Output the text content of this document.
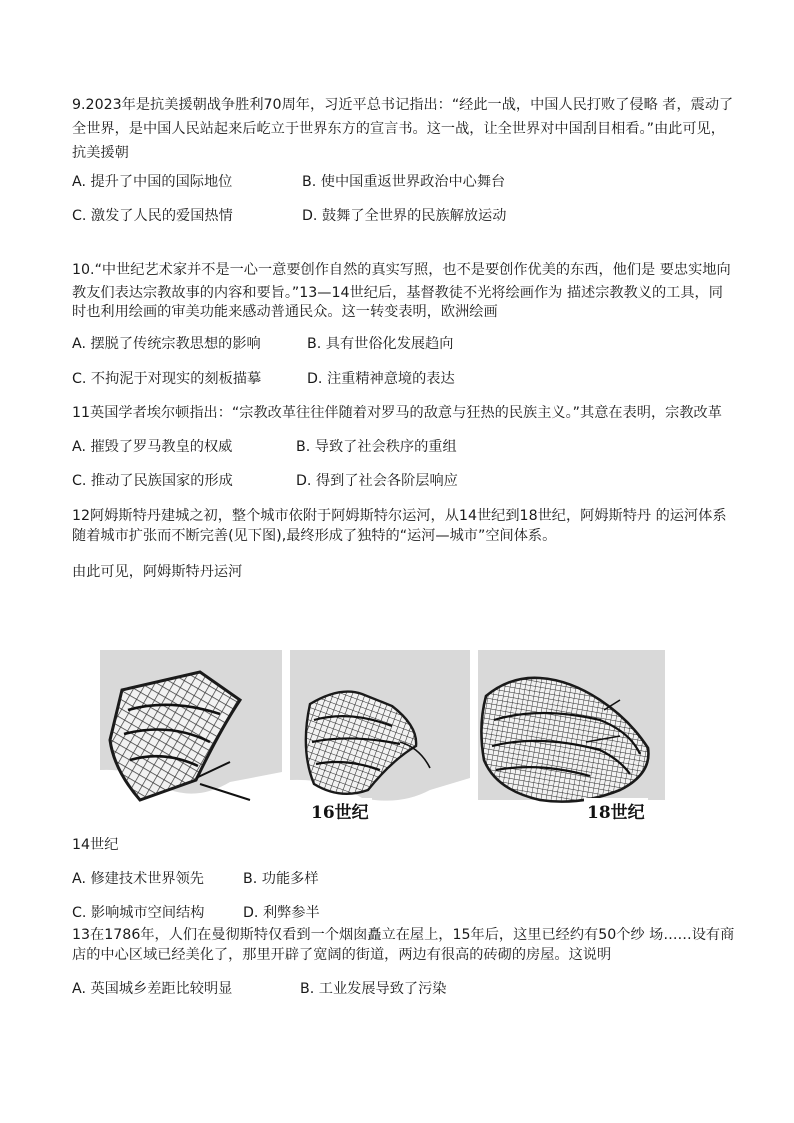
9.2023年是抗美援朝战争胜利70周年，习近平总书记指出：“经此一战，中国人民打败了侵略 者，震动了
全世界，是中国人民站起来后屹立于世界东方的宣言书。这一战，让全世界对中国刮目相看。”由此可见，
抗美援朝
A. 提升了中国的国际地位	B. 使中国重返世界政治中心舞台
C. 激发了人民的爱国热情	D. 鼓舞了全世界的民族解放运动
10.“中世纪艺术家并不是一心一意要创作自然的真实写照，也不是要创作优美的东西，他们是 要忠实地向
教友们表达宗教故事的内容和要旨。”13—14世纪后，基督教徒不光将绘画作为 描述宗教教义的工具，同
时也利用绘画的审美功能来感动普通民众。这一转变表明，欧洲绘画
A. 摆脱了传统宗教思想的影响	B. 具有世俗化发展趋向
C. 不拘泥于对现实的刻板描摹	D. 注重精神意境的表达
11英国学者埃尔顿指出：“宗教改革往往伴随着对罗马的敌意与狂热的民族主义。”其意在表明，宗教改革
A. 摧毁了罗马教皇的权威	B. 导致了社会秩序的重组
C. 推动了民族国家的形成	D. 得到了社会各阶层响应
12阿姆斯特丹建城之初，整个城市依附于阿姆斯特尔运河，从14世纪到18世纪，阿姆斯特丹 的运河体系
随着城市扩张而不断完善(见下图),最终形成了独特的“运河—城市”空间体系。
由此可见，阿姆斯特丹运河
16世纪	18世纪
14世纪
A. 修建技术世界领先	B. 功能多样
C. 影响城市空间结构	D. 利弊参半
13在1786年，人们在曼彻斯特仅看到一个烟囱矗立在屋上，15年后，这里已经约有50个纱 场……设有商
店的中心区域已经美化了，那里开辟了宽阔的街道，两边有很高的砖砌的房屋。这说明
A. 英国城乡差距比较明显	B. 工业发展导致了污染
